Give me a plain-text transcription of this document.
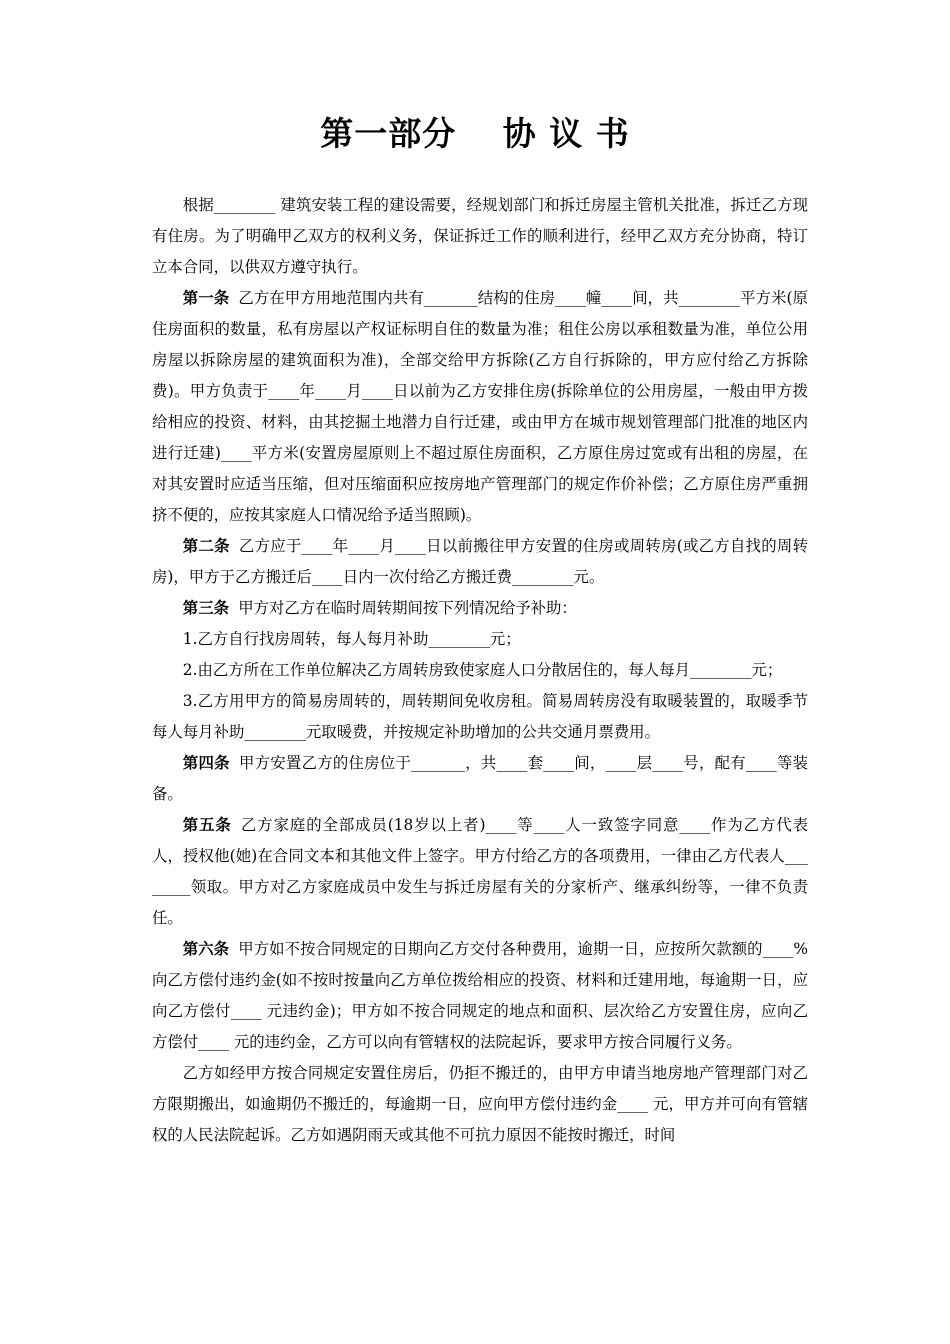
第一部分　 协 议 书

根据________ 建筑安装工程的建设需要，经规划部门和拆迁房屋主管机关批准，拆迁乙方现有住房。为了明确甲乙双方的权利义务，保证拆迁工作的顺利进行，经甲乙双方充分协商，特订立本合同，以供双方遵守执行。

第一条 乙方在甲方用地范围内共有_______结构的住房____幢____间，共________平方米(原住房面积的数量，私有房屋以产权证标明自住的数量为准；租住公房以承租数量为准，单位公用房屋以拆除房屋的建筑面积为准)，全部交给甲方拆除(乙方自行拆除的，甲方应付给乙方拆除费)。甲方负责于____年____月____日以前为乙方安排住房(拆除单位的公用房屋，一般由甲方拨给相应的投资、材料，由其挖掘土地潜力自行迁建，或由甲方在城市规划管理部门批准的地区内进行迁建)____平方米(安置房屋原则上不超过原住房面积，乙方原住房过宽或有出租的房屋，在对其安置时应适当压缩，但对压缩面积应按房地产管理部门的规定作价补偿；乙方原住房严重拥挤不便的，应按其家庭人口情况给予适当照顾)。

第二条 乙方应于____年____月____日以前搬往甲方安置的住房或周转房(或乙方自找的周转房)，甲方于乙方搬迁后____日内一次付给乙方搬迁费________元。

第三条 甲方对乙方在临时周转期间按下列情况给予补助：

1.乙方自行找房周转，每人每月补助________元；

2.由乙方所在工作单位解决乙方周转房致使家庭人口分散居住的，每人每月________元；

3.乙方用甲方的简易房周转的，周转期间免收房租。简易周转房没有取暖装置的，取暖季节每人每月补助________元取暖费，并按规定补助增加的公共交通月票费用。

第四条 甲方安置乙方的住房位于_______，共____套____间，____层____号，配有____等装备。

第五条 乙方家庭的全部成员(18岁以上者)____等____人一致签字同意____作为乙方代表人，授权他(她)在合同文本和其他文件上签字。甲方付给乙方的各项费用，一律由乙方代表人________领取。甲方对乙方家庭成员中发生与拆迁房屋有关的分家析产、继承纠纷等，一律不负责任。

第六条 甲方如不按合同规定的日期向乙方交付各种费用，逾期一日，应按所欠款额的____%向乙方偿付违约金(如不按时按量向乙方单位拨给相应的投资、材料和迁建用地，每逾期一日，应向乙方偿付____ 元违约金)；甲方如不按合同规定的地点和面积、层次给乙方安置住房，应向乙方偿付____ 元的违约金，乙方可以向有管辖权的法院起诉，要求甲方按合同履行义务。

乙方如经甲方按合同规定安置住房后，仍拒不搬迁的，由甲方申请当地房地产管理部门对乙方限期搬出，如逾期仍不搬迁的，每逾期一日，应向甲方偿付违约金____ 元，甲方并可向有管辖权的人民法院起诉。乙方如遇阴雨天或其他不可抗力原因不能按时搬迁，时间
